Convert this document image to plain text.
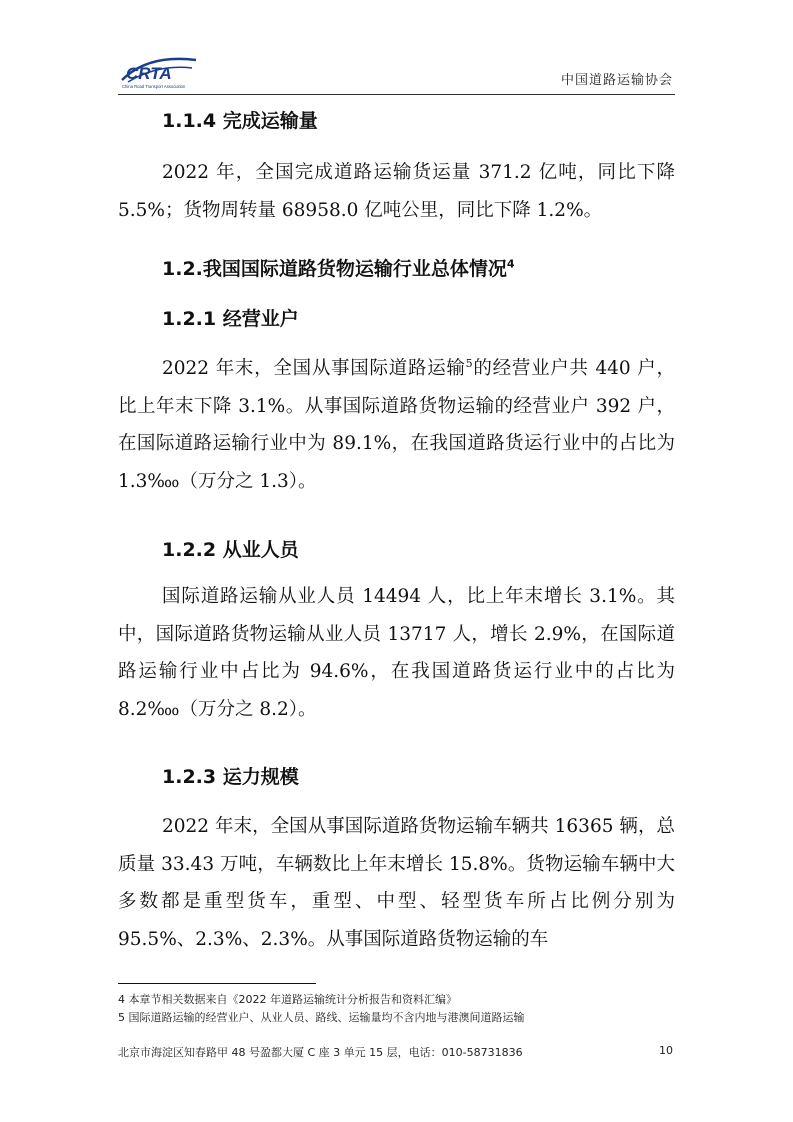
CRTA
China Road Transport Association	中国道路运输协会
1.1.4 完成运输量
2022 年，全国完成道路运输货运量 371.2 亿吨，同比下降 5.5%；货物周转量 68958.0 亿吨公里，同比下降 1.2%。
1.2.我国国际道路货物运输行业总体情况$^4$
1.2.1 经营业户
2022 年末，全国从事国际道路运输$^5$的经营业户共 440 户，比上年末下降 3.1%。从事国际道路货物运输的经营业户 392 户，在国际道路运输行业中为 89.1%，在我国道路货运行业中的占比为 1.3‱（万分之 1.3）。
1.2.2 从业人员
国际道路运输从业人员 14494 人，比上年末增长 3.1%。其中，国际道路货物运输从业人员 13717 人，增长 2.9%，在国际道路运输行业中占比为 94.6%，在我国道路货运行业中的占比为 8.2‱（万分之 8.2）。
1.2.3 运力规模
2022 年末，全国从事国际道路货物运输车辆共 16365 辆，总质量 33.43 万吨，车辆数比上年末增长 15.8%。货物运输车辆中大多数都是重型货车，重型、中型、轻型货车所占比例分别为 95.5%、2.3%、2.3%。从事国际道路货物运输的车
4 本章节相关数据来自《2022 年道路运输统计分析报告和资料汇编》
5 国际道路运输的经营业户、从业人员、路线、运输量均不含内地与港澳间道路运输
北京市海淀区知春路甲 48 号盈都大厦 C 座 3 单元 15 层，电话：010-58731836	10
